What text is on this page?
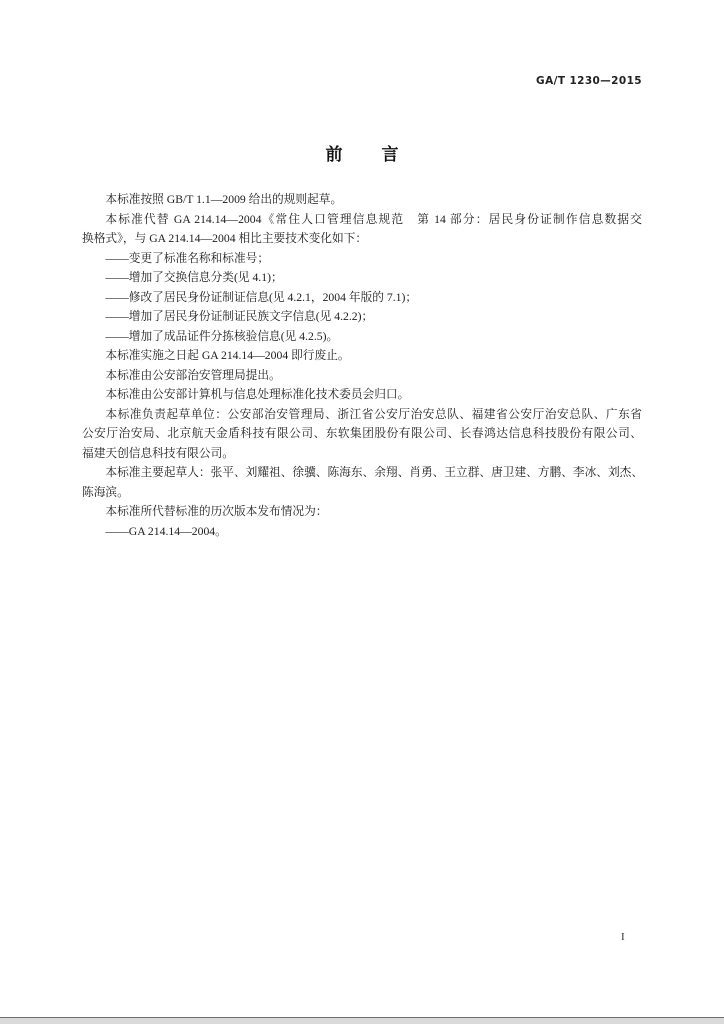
GA/T 1230—2015
前　言

本标准按照 GB/T 1.1—2009 给出的规则起草。

本标准代替 GA 214.14—2004《常住人口管理信息规范　第 14 部分：居民身份证制作信息数据交
换格式》，与 GA 214.14—2004 相比主要技术变化如下：

——变更了标准名称和标准号；

——增加了交换信息分类(见 4.1)；

——修改了居民身份证制证信息(见 4.2.1，2004 年版的 7.1)；

——增加了居民身份证制证民族文字信息(见 4.2.2)；

——增加了成品证件分拣核验信息(见 4.2.5)。

本标准实施之日起 GA 214.14—2004 即行废止。

本标准由公安部治安管理局提出。

本标准由公安部计算机与信息处理标准化技术委员会归口。

本标准负责起草单位：公安部治安管理局、浙江省公安厅治安总队、福建省公安厅治安总队、广东省
公安厅治安局、北京航天金盾科技有限公司、东软集团股份有限公司、长春鸿达信息科技股份有限公司、
福建天创信息科技有限公司。

本标准主要起草人：张平、刘耀祖、徐骥、陈海东、余翔、肖勇、王立群、唐卫建、方鹏、李冰、刘杰、
陈海滨。

本标准所代替标准的历次版本发布情况为：

——GA 214.14—2004。

I
